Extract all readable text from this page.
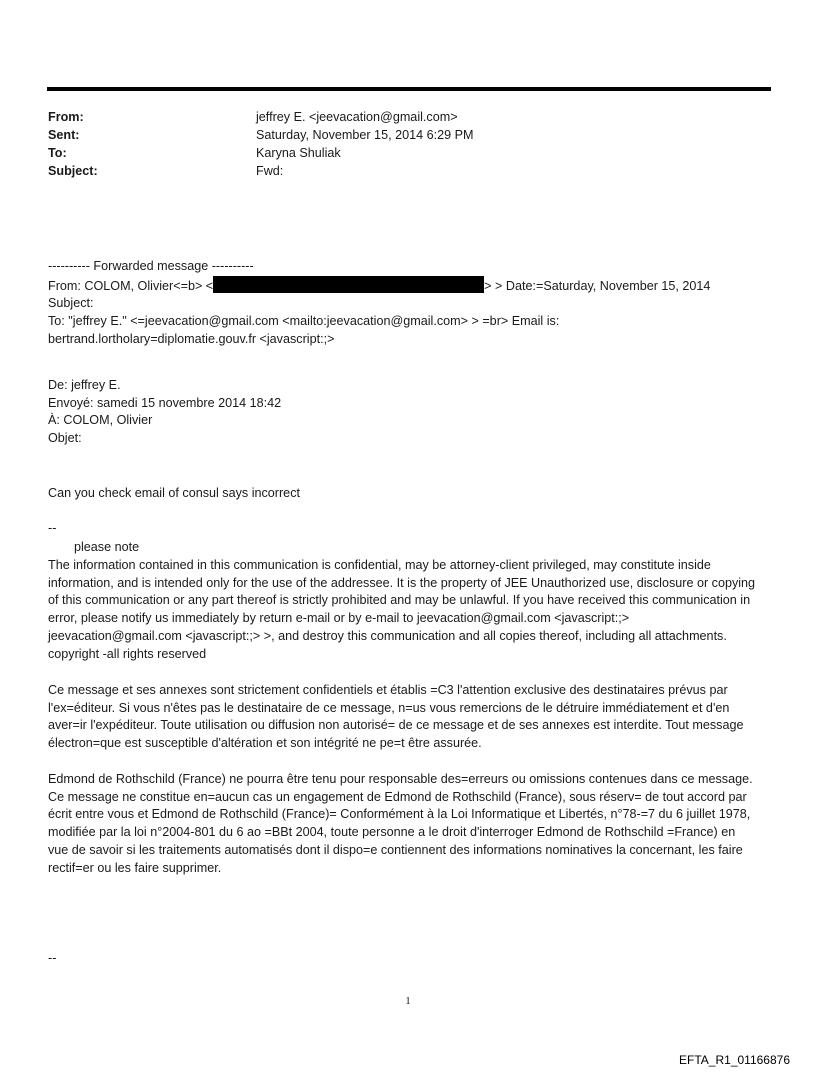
From:	jeffrey E. <jeevacation@gmail.com>
Sent:	Saturday, November 15, 2014 6:29 PM
To:	Karyna Shuliak
Subject:	Fwd:
---------- Forwarded message ----------
From: COLOM, Olivier<=b> <	> > Date:=Saturday, November 15, 2014
Subject:
To: "jeffrey E." <=jeevacation@gmail.com <mailto:jeevacation@gmail.com> > =br> Email is:
bertrand.lortholary=diplomatie.gouv.fr <javascript:;>
De: jeffrey E.
Envoyé: samedi 15 novembre 2014 18:42
À: COLOM, Olivier
Objet:
Can you check email of consul says incorrect
--
please note
The information contained in this communication is confidential, may be attorney-client privileged, may constitute inside information, and is intended only for the use of the addressee. It is the property of JEE Unauthorized use, disclosure or copying of this communication or any part thereof is strictly prohibited and may be unlawful. If you have received this communication in error, please notify us immediately by return e-mail or by e-mail to jeevacation@gmail.com <javascript:;> jeevacation@gmail.com <javascript:;> >, and destroy this communication and all copies thereof, including all attachments. copyright -all rights reserved
Ce message et ses annexes sont strictement confidentiels et établis =C3 l'attention exclusive des destinataires prévus par l'ex=éditeur. Si vous n'êtes pas le destinataire de ce message, n=us vous remercions de le détruire immédiatement et d'en aver=ir l'expéditeur. Toute utilisation ou diffusion non autorisé= de ce message et de ses annexes est interdite. Tout message électron=que est susceptible d'altération et son intégrité ne pe=t être assurée.
Edmond de Rothschild (France) ne pourra être tenu pour responsable des=erreurs ou omissions contenues dans ce message. Ce message ne constitue en=aucun cas un engagement de Edmond de Rothschild (France), sous réserv= de tout accord par écrit entre vous et Edmond de Rothschild (France)= Conformément à la Loi Informatique et Libertés, n°78-=7 du 6 juillet 1978, modifiée par la loi n°2004-801 du 6 ao =BBt 2004, toute personne a le droit d'interroger Edmond de Rothschild =France) en vue de savoir si les traitements automatisés dont il dispo=e contiennent des informations nominatives la concernant, les faire rectif=er ou les faire supprimer.
--
1
EFTA_R1_01166876
